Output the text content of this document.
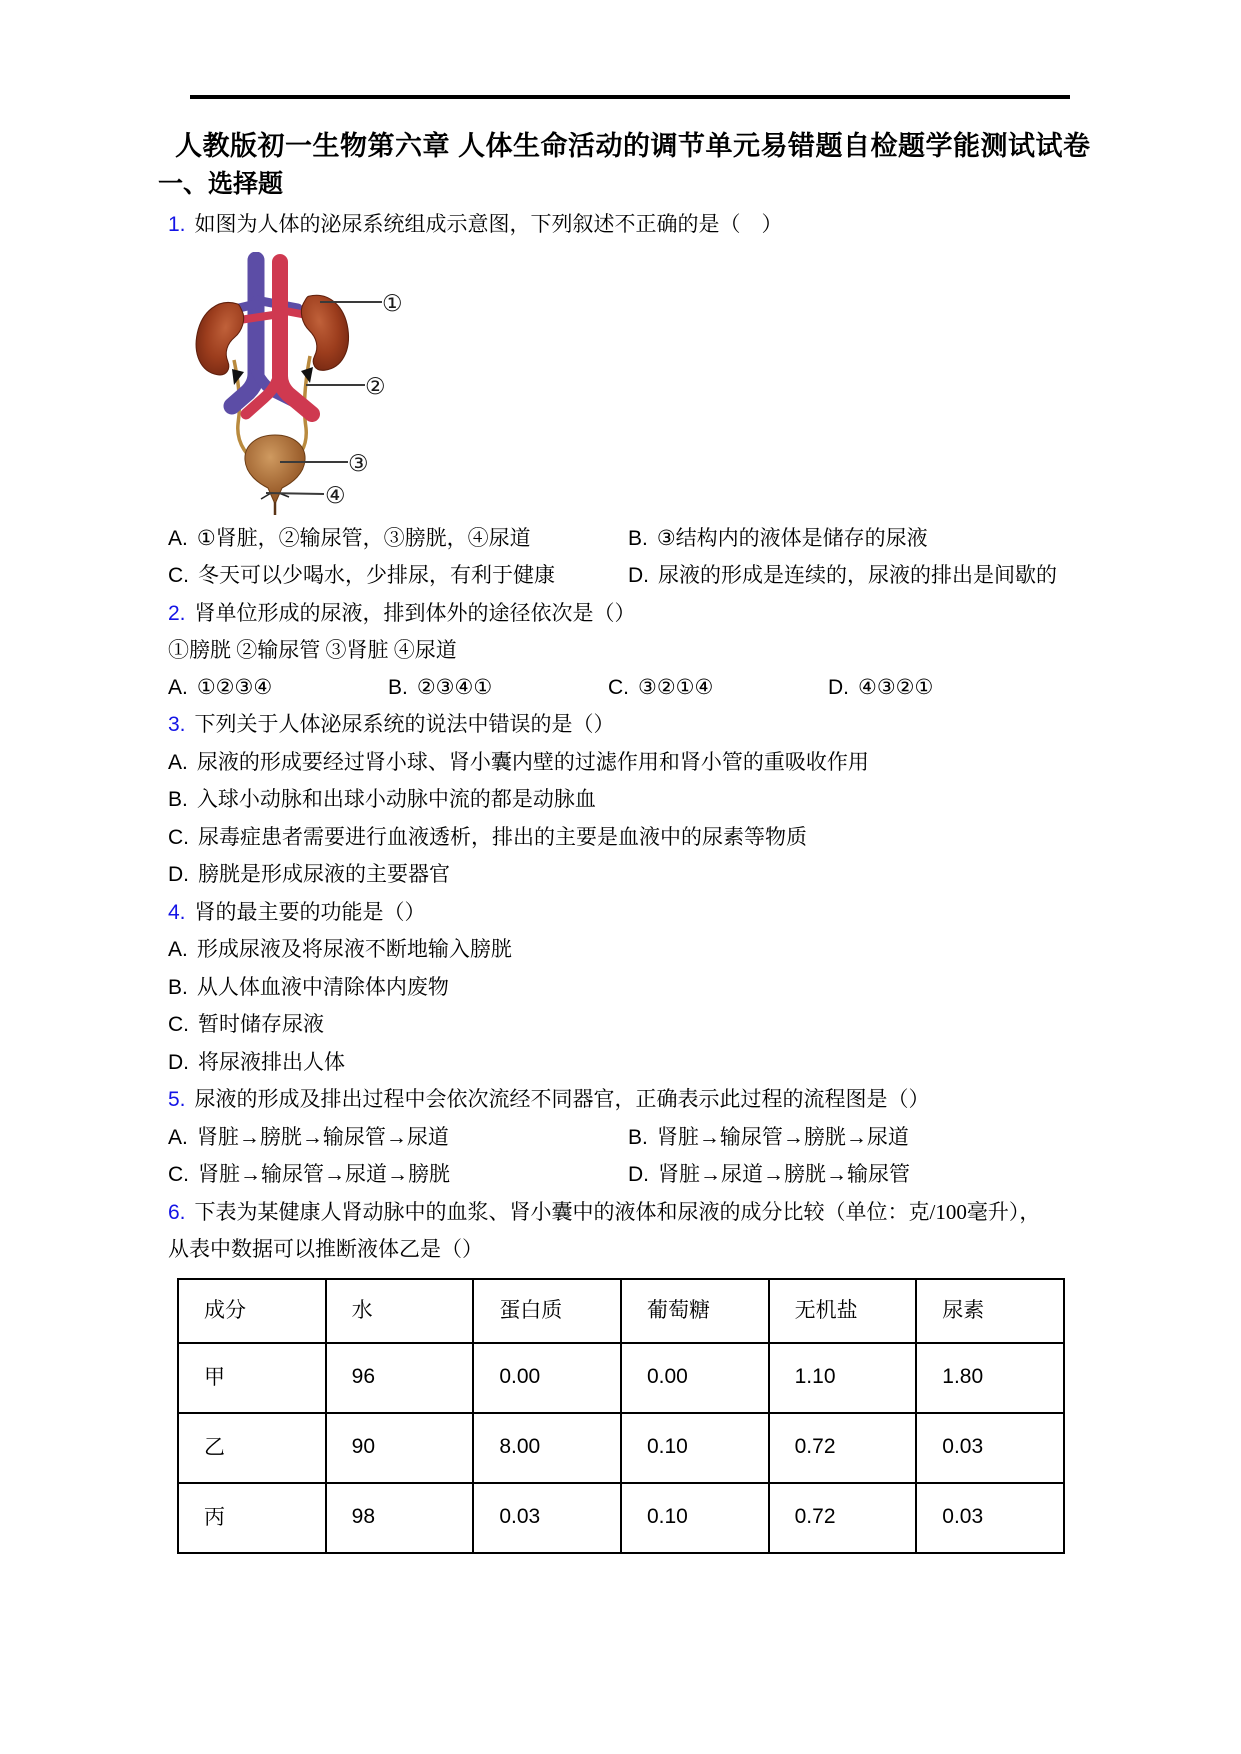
人教版初一生物第六章 人体生命活动的调节单元易错题自检题学能测试试卷
一、选择题

1. 如图为人体的泌尿系统组成示意图，下列叙述不正确的是（　）

①
②
③
④

A. ①肾脏，②输尿管，③膀胱，④尿道	B. ③结构内的液体是储存的尿液

C. 冬天可以少喝水，少排尿，有利于健康	D. 尿液的形成是连续的，尿液的排出是间歇的

2. 肾单位形成的尿液，排到体外的途径依次是（）

①膀胱 ②输尿管 ③肾脏 ④尿道

A. ①②③④	B. ②③④①	C. ③②①④	D. ④③②①

3. 下列关于人体泌尿系统的说法中错误的是（）

A. 尿液的形成要经过肾小球、肾小囊内壁的过滤作用和肾小管的重吸收作用

B. 入球小动脉和出球小动脉中流的都是动脉血

C. 尿毒症患者需要进行血液透析，排出的主要是血液中的尿素等物质

D. 膀胱是形成尿液的主要器官

4. 肾的最主要的功能是（）

A. 形成尿液及将尿液不断地输入膀胱

B. 从人体血液中清除体内废物

C. 暂时储存尿液

D. 将尿液排出人体

5. 尿液的形成及排出过程中会依次流经不同器官，正确表示此过程的流程图是（）

A. 肾脏→膀胱→输尿管→尿道	B. 肾脏→输尿管→膀胱→尿道

C. 肾脏→输尿管→尿道→膀胱	D. 肾脏→尿道→膀胱→输尿管

6. 下表为某健康人肾动脉中的血浆、肾小囊中的液体和尿液的成分比较（单位：克/100毫升），从表中数据可以推断液体乙是（）

成分	水	蛋白质	葡萄糖	无机盐	尿素
甲	96	0.00	0.00	1.10	1.80
乙	90	8.00	0.10	0.72	0.03
丙	98	0.03	0.10	0.72	0.03
